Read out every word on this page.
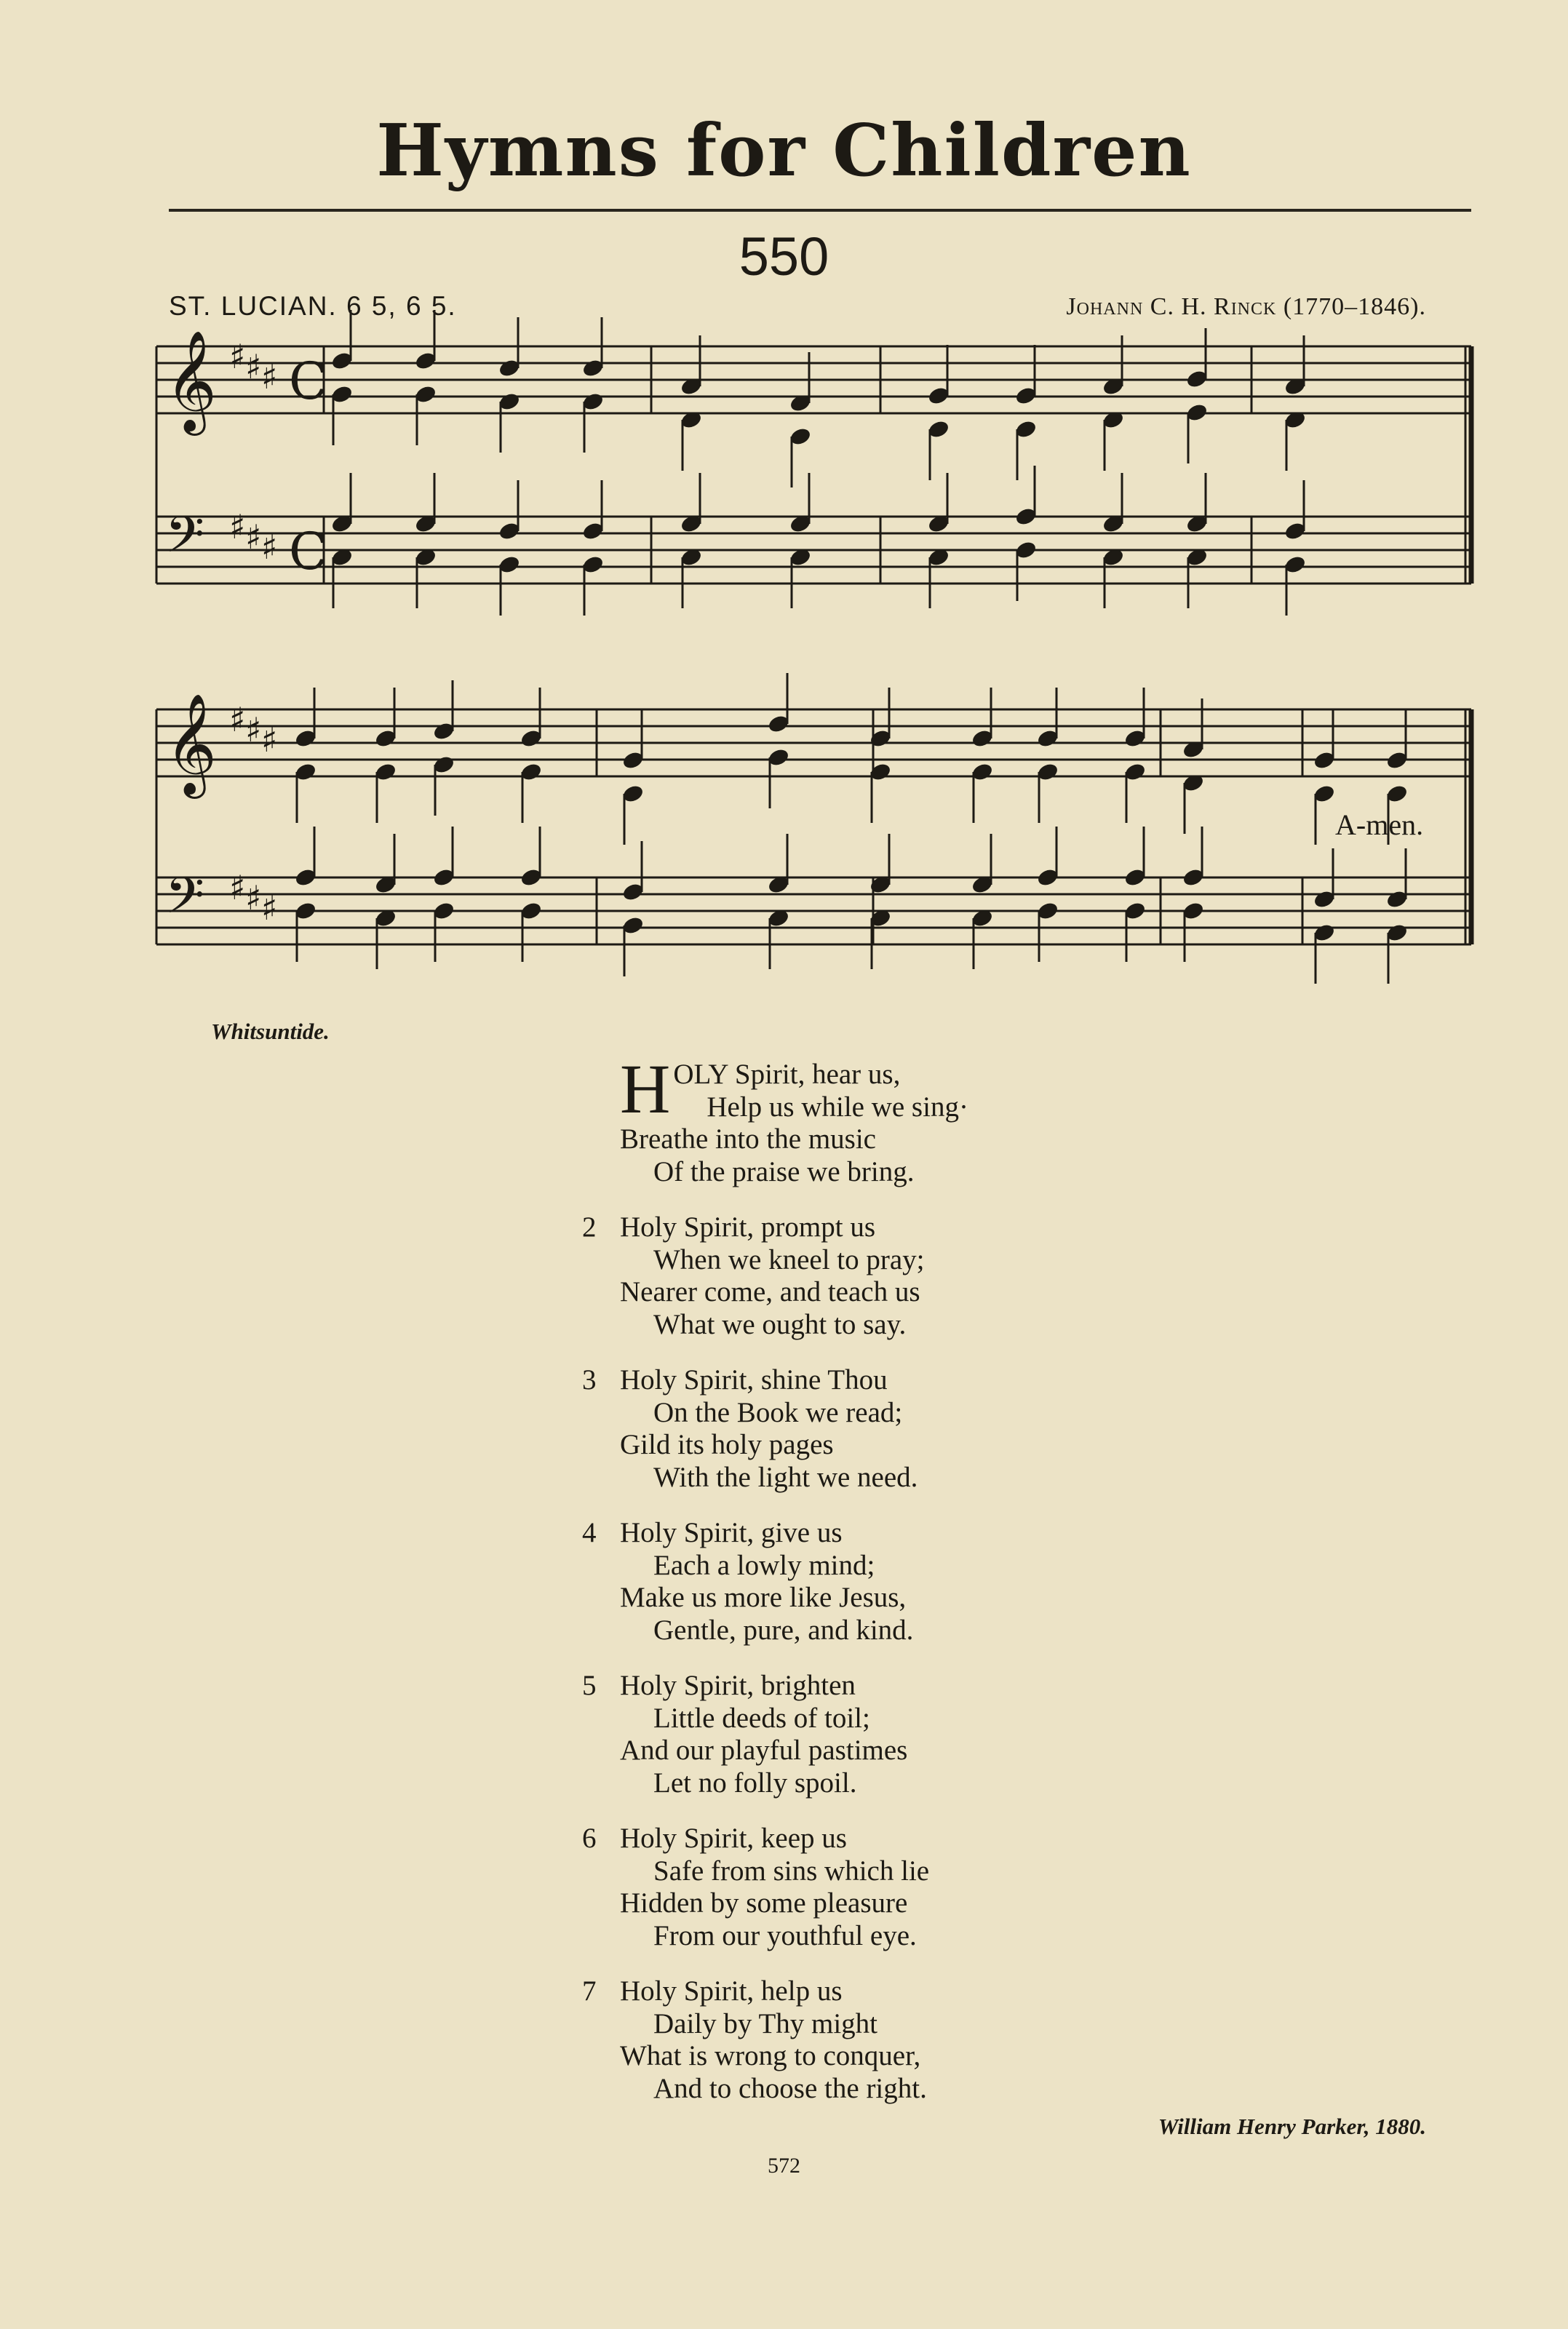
Hymns for Children
550
ST. LUCIAN. 6 5, 6 5.	Johann C. H. Rinck (1770–1846).
𝄞 ♯ ♯ ♯ C
𝄢 ♯ ♯ ♯ C
𝄞 ♯ ♯ ♯
𝄢 ♯ ♯ ♯
A-men.
Whitsuntide.
H OLY Spirit, hear us,
Help us while we sing·
Breathe into the music
Of the praise we bring.
2 Holy Spirit, prompt us
When we kneel to pray;
Nearer come, and teach us
What we ought to say.
3 Holy Spirit, shine Thou
On the Book we read;
Gild its holy pages
With the light we need.
4 Holy Spirit, give us
Each a lowly mind;
Make us more like Jesus,
Gentle, pure, and kind.
5 Holy Spirit, brighten
Little deeds of toil;
And our playful pastimes
Let no folly spoil.
6 Holy Spirit, keep us
Safe from sins which lie
Hidden by some pleasure
From our youthful eye.
7 Holy Spirit, help us
Daily by Thy might
What is wrong to conquer,
And to choose the right.
William Henry Parker, 1880.
572
